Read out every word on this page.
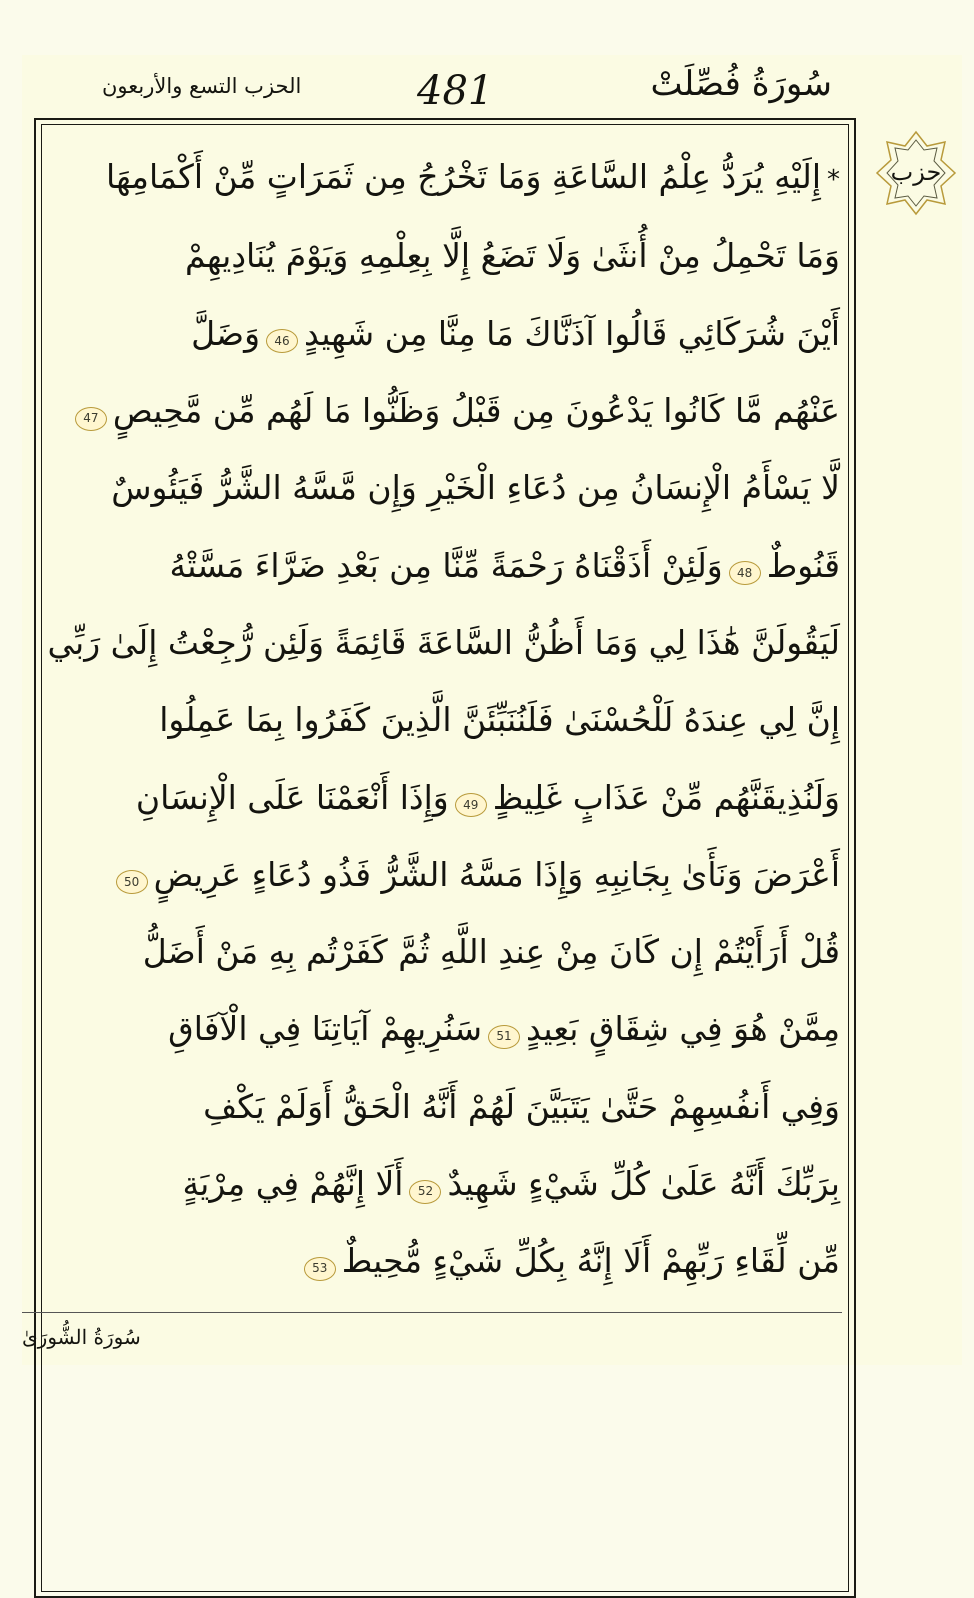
سُورَةُ فُصِّلَتْ
481
الحزب التسع والأربعون
حزب
*إِلَيْهِ يُرَدُّ عِلْمُ السَّاعَةِ وَمَا تَخْرُجُ مِن ثَمَرَاتٍ مِّنْ أَكْمَامِهَا
وَمَا تَحْمِلُ مِنْ أُنثَىٰ وَلَا تَضَعُ إِلَّا بِعِلْمِهِ وَيَوْمَ يُنَادِيهِمْ
أَيْنَ شُرَكَائِي قَالُوا آذَنَّاكَ مَا مِنَّا مِن شَهِيدٍ46وَضَلَّ
عَنْهُم مَّا كَانُوا يَدْعُونَ مِن قَبْلُ وَظَنُّوا مَا لَهُم مِّن مَّحِيصٍ47
لَّا يَسْأَمُ الْإِنسَانُ مِن دُعَاءِ الْخَيْرِ وَإِن مَّسَّهُ الشَّرُّ فَيَئُوسٌ
قَنُوطٌ48وَلَئِنْ أَذَقْنَاهُ رَحْمَةً مِّنَّا مِن بَعْدِ ضَرَّاءَ مَسَّتْهُ
لَيَقُولَنَّ هَٰذَا لِي وَمَا أَظُنُّ السَّاعَةَ قَائِمَةً وَلَئِن رُّجِعْتُ إِلَىٰ رَبِّي
إِنَّ لِي عِندَهُ لَلْحُسْنَىٰ فَلَنُنَبِّئَنَّ الَّذِينَ كَفَرُوا بِمَا عَمِلُوا
وَلَنُذِيقَنَّهُم مِّنْ عَذَابٍ غَلِيظٍ49وَإِذَا أَنْعَمْنَا عَلَى الْإِنسَانِ
أَعْرَضَ وَنَأَىٰ بِجَانِبِهِ وَإِذَا مَسَّهُ الشَّرُّ فَذُو دُعَاءٍ عَرِيضٍ50
قُلْ أَرَأَيْتُمْ إِن كَانَ مِنْ عِندِ اللَّهِ ثُمَّ كَفَرْتُم بِهِ مَنْ أَضَلُّ
مِمَّنْ هُوَ فِي شِقَاقٍ بَعِيدٍ51سَنُرِيهِمْ آيَاتِنَا فِي الْآفَاقِ
وَفِي أَنفُسِهِمْ حَتَّىٰ يَتَبَيَّنَ لَهُمْ أَنَّهُ الْحَقُّ أَوَلَمْ يَكْفِ
بِرَبِّكَ أَنَّهُ عَلَىٰ كُلِّ شَيْءٍ شَهِيدٌ52أَلَا إِنَّهُمْ فِي مِرْيَةٍ
مِّن لِّقَاءِ رَبِّهِمْ أَلَا إِنَّهُ بِكُلِّ شَيْءٍ مُّحِيطٌ53
سُورَةُ الشُّورَىٰ
